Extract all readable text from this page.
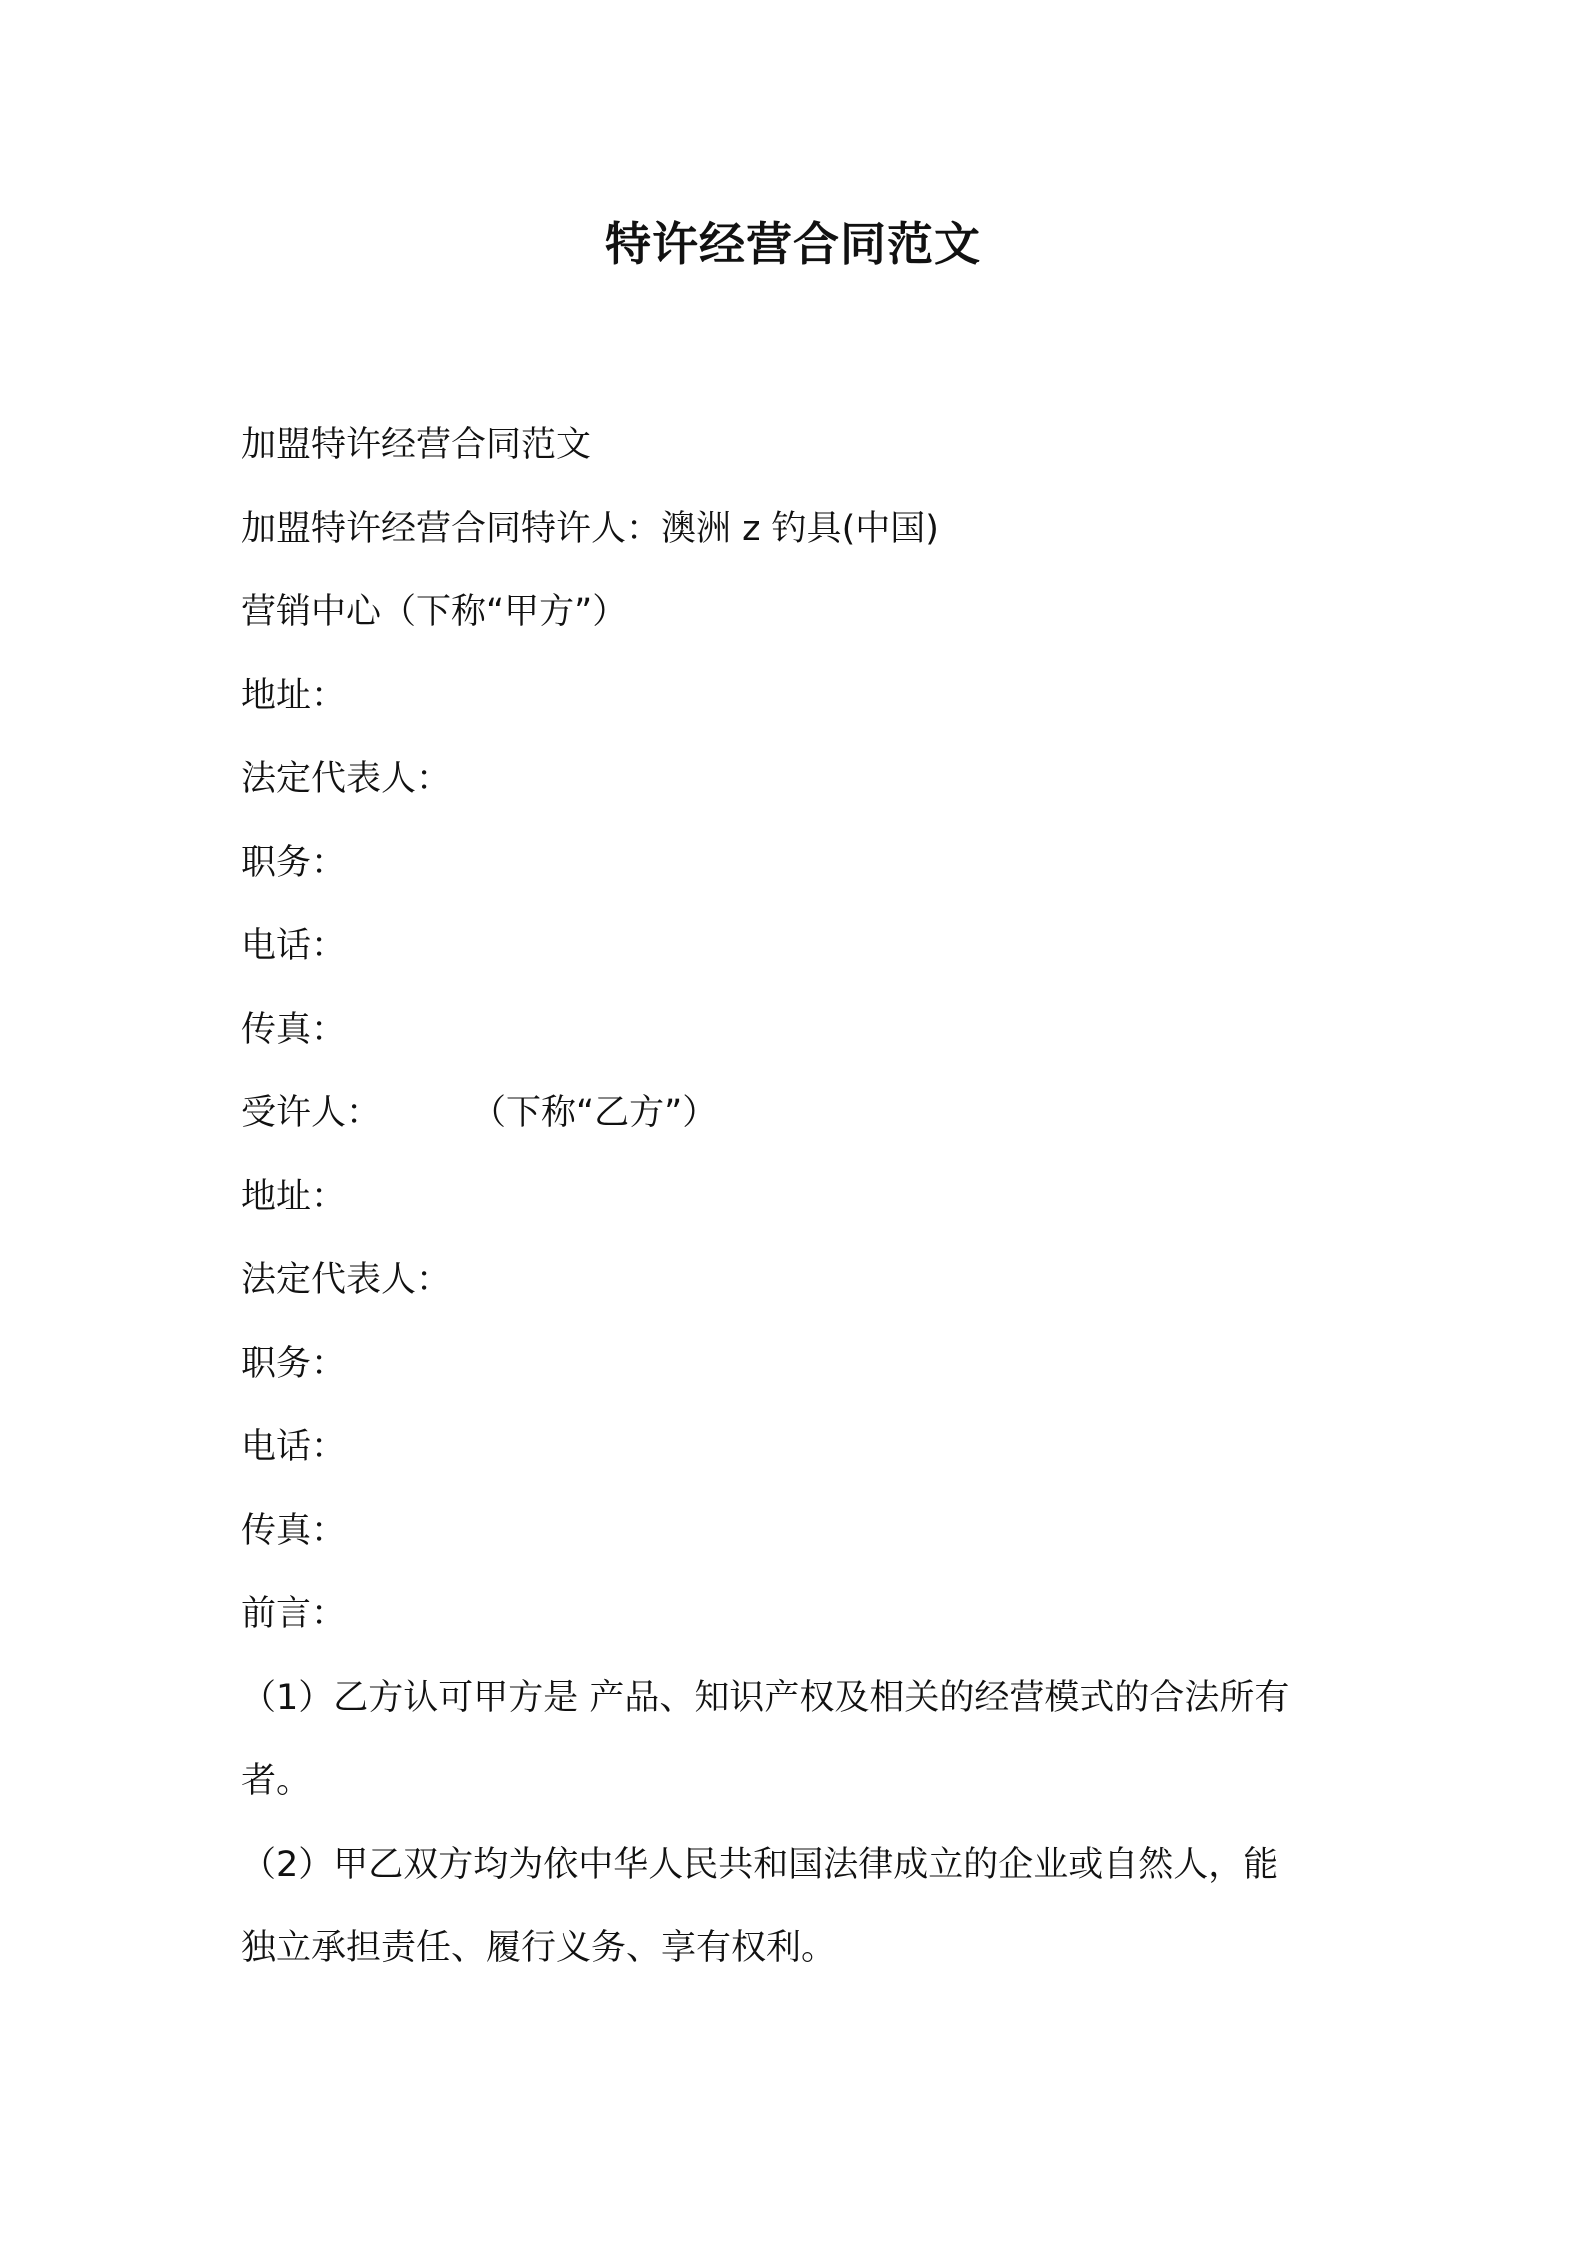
特许经营合同范文
加盟特许经营合同范文
加盟特许经营合同特许人：澳洲 z 钓具(中国)
营销中心（下称“甲方”）
地址：
法定代表人：
职务：
电话：
传真：
受许人：	（下称“乙方”）
地址：
法定代表人：
职务：
电话：
传真：
前言：
（1）乙方认可甲方是 产品、知识产权及相关的经营模式的合法所有
者。
（2）甲乙双方均为依中华人民共和国法律成立的企业或自然人，能
独立承担责任、履行义务、享有权利。
